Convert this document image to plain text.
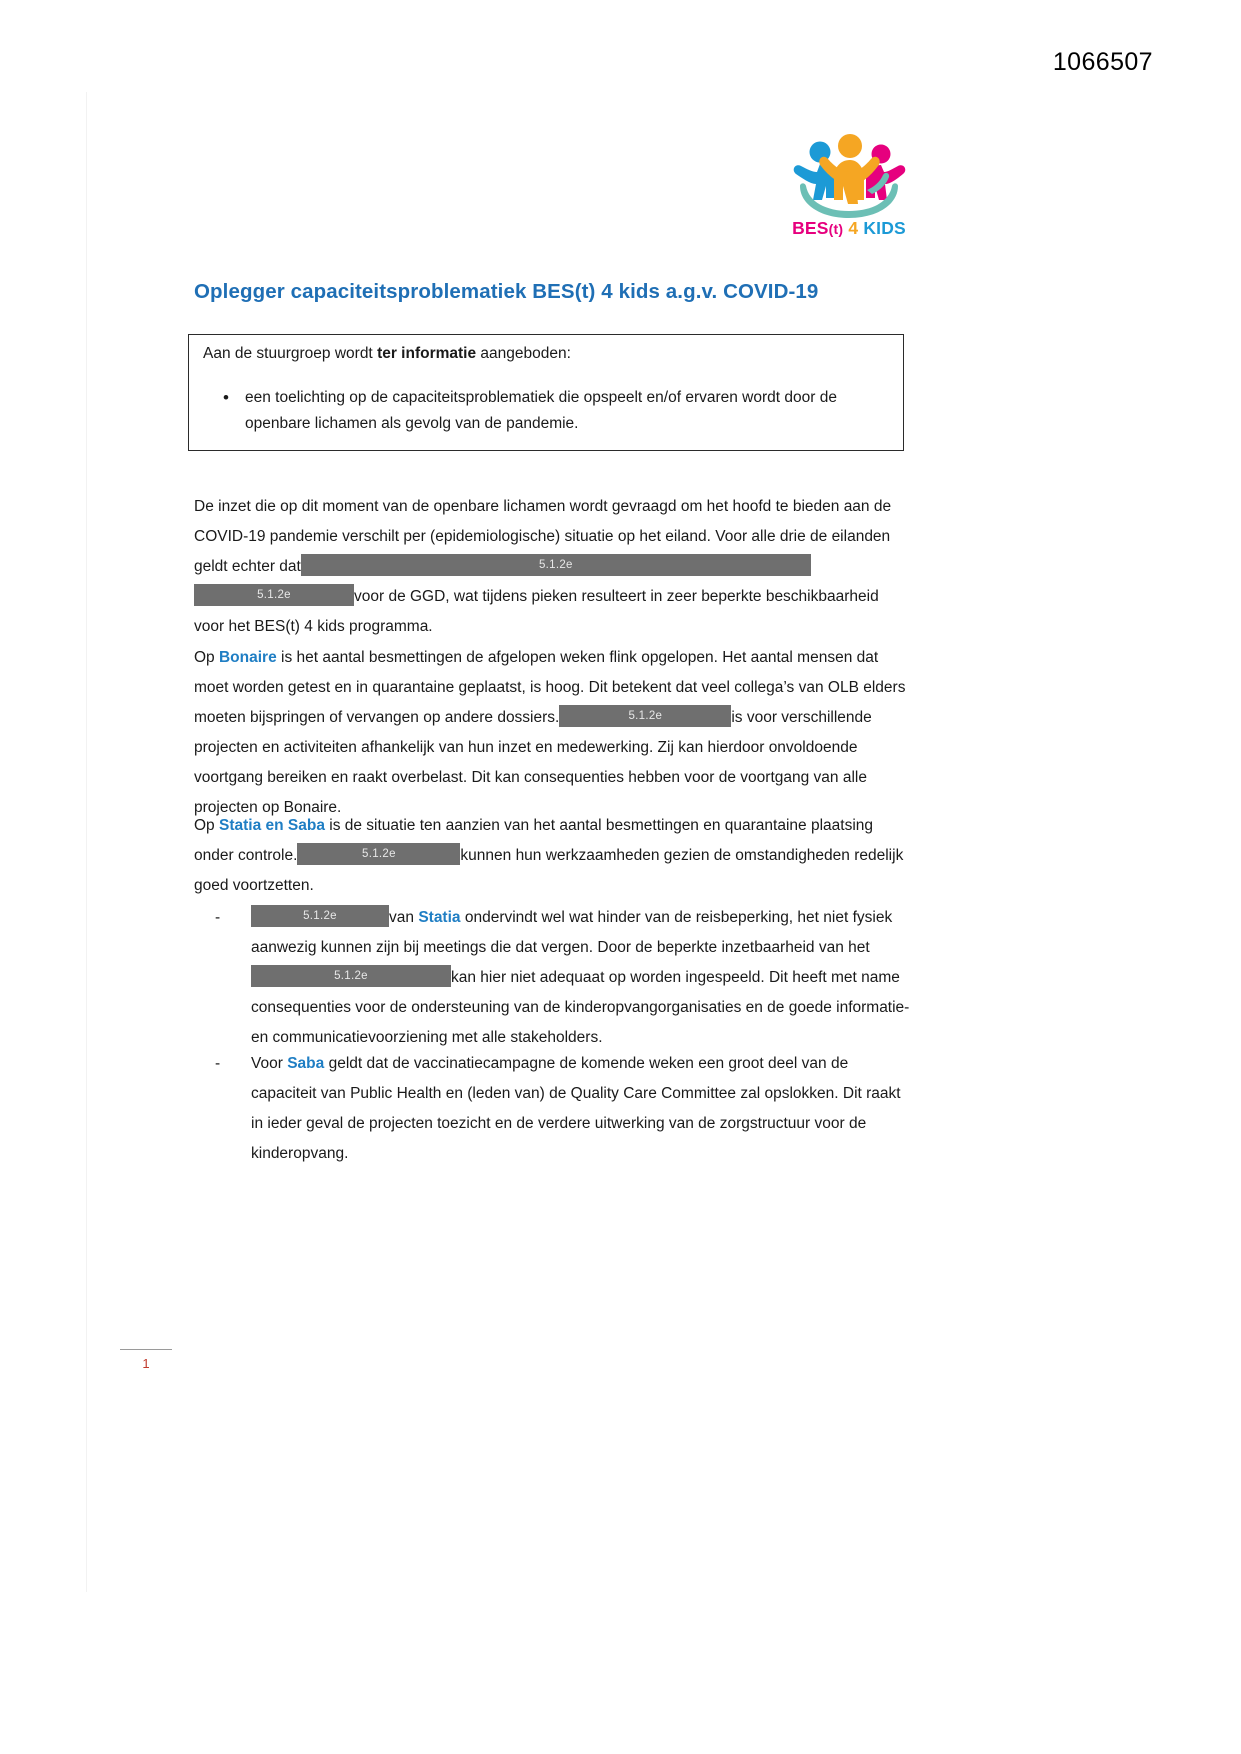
1066507
BES(t) 4 KIDS
Oplegger capaciteitsproblematiek BES(t) 4 kids a.g.v. COVID-19
Aan de stuurgroep wordt ter informatie aangeboden:
•	een toelichting op de capaciteitsproblematiek die opspeelt en/of ervaren wordt door de openbare lichamen als gevolg van de pandemie.
De inzet die op dit moment van de openbare lichamen wordt gevraagd om het hoofd te bieden aan de COVID-19 pandemie verschilt per (epidemiologische) situatie op het eiland. Voor alle drie de eilanden geldt echter dat	5.1.2e5.1.2e	voor de GGD, wat tijdens pieken resulteert in zeer beperkte beschikbaarheid voor het BES(t) 4 kids programma.
Op Bonaire is het aantal besmettingen de afgelopen weken flink opgelopen. Het aantal mensen dat moet worden getest en in quarantaine geplaatst, is hoog. Dit betekent dat veel collega’s van OLB elders moeten bijspringen of vervangen op andere dossiers.	5.1.2e	is voor verschillende projecten en activiteiten afhankelijk van hun inzet en medewerking. Zij kan hierdoor onvoldoende voortgang bereiken en raakt overbelast. Dit kan consequenties hebben voor de voortgang van alle projecten op Bonaire.
Op Statia en Saba is de situatie ten aanzien van het aantal besmettingen en quarantaine plaatsing onder controle.	5.1.2e	kunnen hun werkzaamheden gezien de omstandigheden redelijk goed voortzetten.
-	5.1.2e	van Statia ondervindt wel wat hinder van de reisbeperking, het niet fysiek aanwezig kunnen zijn bij meetings die dat vergen. Door de beperkte inzetbaarheid van het5.1.2e	kan hier niet adequaat op worden ingespeeld. Dit heeft met name consequenties voor de ondersteuning van de kinderopvangorganisaties en de goede informatie- en communicatievoorziening met alle stakeholders.
-	Voor Saba geldt dat de vaccinatiecampagne de komende weken een groot deel van de capaciteit van Public Health en (leden van) de Quality Care Committee zal opslokken. Dit raakt in ieder geval de projecten toezicht en de verdere uitwerking van de zorgstructuur voor de kinderopvang.
1
